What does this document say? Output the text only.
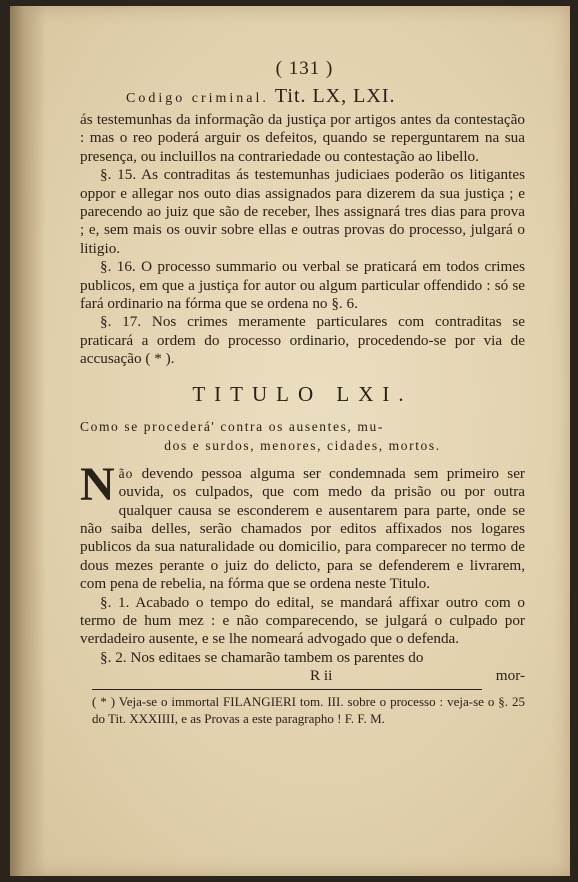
( 131 )
Codigo criminal. Tit. LX, LXI.

ás testemunhas da informação da justiça por artigos antes da contestação : mas o reo poderá arguir os defeitos, quando se reperguntarem na sua presença, ou incluillos na contrariedade ou contestação ao libello.

§. 15. As contraditas ás testemunhas judiciaes poderão os litigantes oppor e allegar nos outo dias assignados para dizerem da sua justiça ; e parecendo ao juiz que são de receber, lhes assignará tres dias para prova ; e, sem mais os ouvir sobre ellas e outras provas do processo, julgará o litigio.

§. 16. O processo summario ou verbal se praticará em todos crimes publicos, em que a justiça for autor ou algum particular offendido : só se fará ordinario na fórma que se ordena no §. 6.

§. 17. Nos crimes meramente particulares com contraditas se praticará a ordem do processo ordinario, procedendo-se por via de accusação ( * ).

TITULO LXI.
Como se procederá' contra os ausentes, mu-
dos e surdos, menores, cidades, mortos.

Não devendo pessoa alguma ser condemnada sem primeiro ser ouvida, os culpados, que com medo da prisão ou por outra qualquer causa se esconderem e ausentarem para parte, onde se não saiba delles, serão chamados por editos affixados nos logares publicos da sua naturalidade ou domicilio, para comparecer no termo de dous mezes perante o juiz do delicto, para se defenderem e livrarem, com pena de rebelia, na fórma que se ordena neste Titulo.

§. 1. Acabado o tempo do edital, se mandará affixar outro com o termo de hum mez : e não comparecendo, se julgará o culpado por verdadeiro ausente, e se lhe nomeará advogado que o defenda.

§. 2. Nos editaes se chamarão tambem os parentes do

R ii	mor-

( * ) Veja-se o immortal FILANGIERI tom. III. sobre o processo : veja-se o §. 25 do Tit. XXXIIII, e as Provas a este paragrapho ! F. F. M.
